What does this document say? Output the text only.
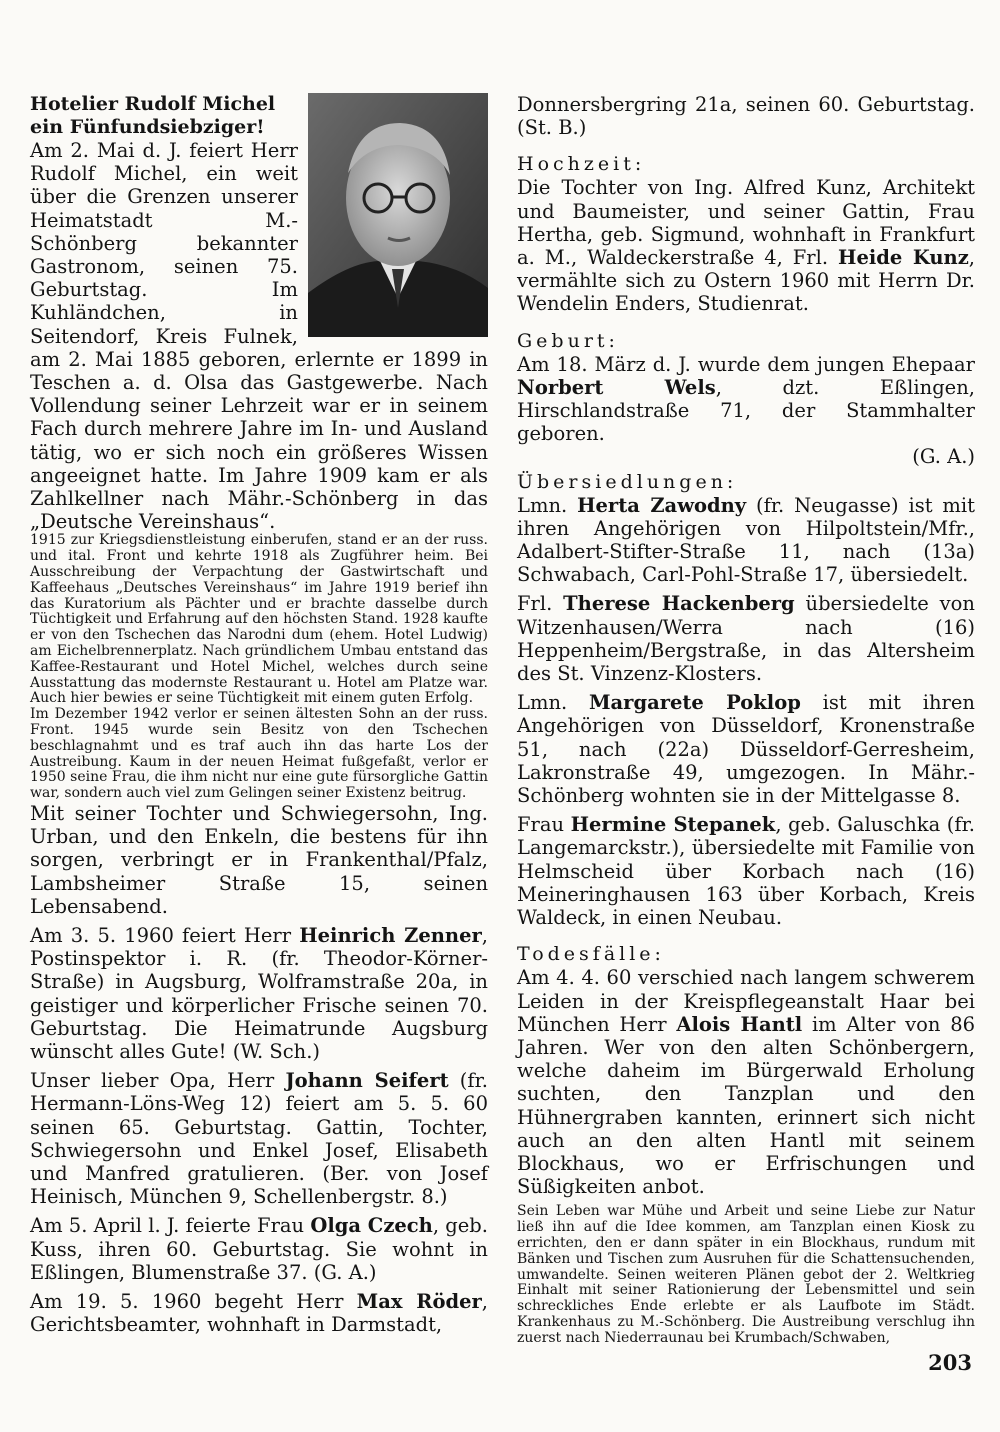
Hotelier Rudolf Michel ein Fünfundsiebziger!

Am 2. Mai d. J. feiert Herr Rudolf Michel, ein weit über die Grenzen unserer Heimatstadt M.-Schönberg bekannter Gastronom, seinen 75. Geburtstag. Im Kuhländchen, in Seitendorf, Kreis Fulnek, am 2. Mai 1885 geboren, erlernte er 1899 in Teschen a. d. Olsa das Gastgewerbe. Nach Vollendung seiner Lehrzeit war er in seinem Fach durch mehrere Jahre im In- und Ausland tätig, wo er sich noch ein größeres Wissen angeeignet hatte. Im Jahre 1909 kam er als Zahlkellner nach Mähr.-Schönberg in das „Deutsche Vereinshaus“.

1915 zur Kriegsdienstleistung einberufen, stand er an der russ. und ital. Front und kehrte 1918 als Zugführer heim. Bei Ausschreibung der Verpachtung der Gastwirtschaft und Kaffeehaus „Deutsches Vereinshaus“ im Jahre 1919 berief ihn das Kuratorium als Pächter und er brachte dasselbe durch Tüchtigkeit und Erfahrung auf den höchsten Stand. 1928 kaufte er von den Tschechen das Narodni dum (ehem. Hotel Ludwig) am Eichelbrennerplatz. Nach gründlichem Umbau entstand das Kaffee-Restaurant und Hotel Michel, welches durch seine Ausstattung das modernste Restaurant u. Hotel am Platze war. Auch hier bewies er seine Tüchtigkeit mit einem guten Erfolg.

Im Dezember 1942 verlor er seinen ältesten Sohn an der russ. Front. 1945 wurde sein Besitz von den Tschechen beschlagnahmt und es traf auch ihn das harte Los der Austreibung. Kaum in der neuen Heimat fußgefaßt, verlor er 1950 seine Frau, die ihm nicht nur eine gute fürsorgliche Gattin war, sondern auch viel zum Gelingen seiner Existenz beitrug.

Mit seiner Tochter und Schwiegersohn, Ing. Urban, und den Enkeln, die bestens für ihn sorgen, verbringt er in Frankenthal/Pfalz, Lambsheimer Straße 15, seinen Lebensabend.

Am 3. 5. 1960 feiert Herr Heinrich Zenner, Postinspektor i. R. (fr. Theodor-Körner-Straße) in Augsburg, Wolframstraße 20a, in geistiger und körperlicher Frische seinen 70. Geburtstag. Die Heimatrunde Augsburg wünscht alles Gute! (W. Sch.)

Unser lieber Opa, Herr Johann Seifert (fr. Hermann-Löns-Weg 12) feiert am 5. 5. 60 seinen 65. Geburtstag. Gattin, Tochter, Schwiegersohn und Enkel Josef, Elisabeth und Manfred gratulieren. (Ber. von Josef Heinisch, München 9, Schellenbergstr. 8.)

Am 5. April l. J. feierte Frau Olga Czech, geb. Kuss, ihren 60. Geburtstag. Sie wohnt in Eßlingen, Blumenstraße 37. (G. A.)

Am 19. 5. 1960 begeht Herr Max Röder, Gerichtsbeamter, wohnhaft in Darmstadt,

Donnersbergring 21a, seinen 60. Geburtstag. (St. B.)

Hochzeit:

Die Tochter von Ing. Alfred Kunz, Architekt und Baumeister, und seiner Gattin, Frau Hertha, geb. Sigmund, wohnhaft in Frankfurt a. M., Waldeckerstraße 4, Frl. Heide Kunz, vermählte sich zu Ostern 1960 mit Herrn Dr. Wendelin Enders, Studienrat.

Geburt:

Am 18. März d. J. wurde dem jungen Ehepaar Norbert Wels, dzt. Eßlingen, Hirschlandstraße 71, der Stammhalter geboren.

(G. A.)

Übersiedlungen:

Lmn. Herta Zawodny (fr. Neugasse) ist mit ihren Angehörigen von Hilpoltstein/Mfr., Adalbert-Stifter-Straße 11, nach (13a) Schwabach, Carl-Pohl-Straße 17, übersiedelt.

Frl. Therese Hackenberg übersiedelte von Witzenhausen/Werra nach (16) Heppenheim/Bergstraße, in das Altersheim des St. Vinzenz-Klosters.

Lmn. Margarete Poklop ist mit ihren Angehörigen von Düsseldorf, Kronenstraße 51, nach (22a) Düsseldorf-Gerresheim, Lakronstraße 49, umgezogen. In Mähr.-Schönberg wohnten sie in der Mittelgasse 8.

Frau Hermine Stepanek, geb. Galuschka (fr. Langemarckstr.), übersiedelte mit Familie von Helmscheid über Korbach nach (16) Meineringhausen 163 über Korbach, Kreis Waldeck, in einen Neubau.

Todesfälle:

Am 4. 4. 60 verschied nach langem schwerem Leiden in der Kreispflegeanstalt Haar bei München Herr Alois Hantl im Alter von 86 Jahren. Wer von den alten Schönbergern, welche daheim im Bürgerwald Erholung suchten, den Tanzplan und den Hühnergraben kannten, erinnert sich nicht auch an den alten Hantl mit seinem Blockhaus, wo er Erfrischungen und Süßigkeiten anbot.

Sein Leben war Mühe und Arbeit und seine Liebe zur Natur ließ ihn auf die Idee kommen, am Tanzplan einen Kiosk zu errichten, den er dann später in ein Blockhaus, rundum mit Bänken und Tischen zum Ausruhen für die Schattensuchenden, umwandelte. Seinen weiteren Plänen gebot der 2. Weltkrieg Einhalt mit seiner Rationierung der Lebensmittel und sein schreckliches Ende erlebte er als Laufbote im Städt. Krankenhaus zu M.-Schönberg. Die Austreibung verschlug ihn zuerst nach Niederraunau bei Krumbach/Schwaben,

203
